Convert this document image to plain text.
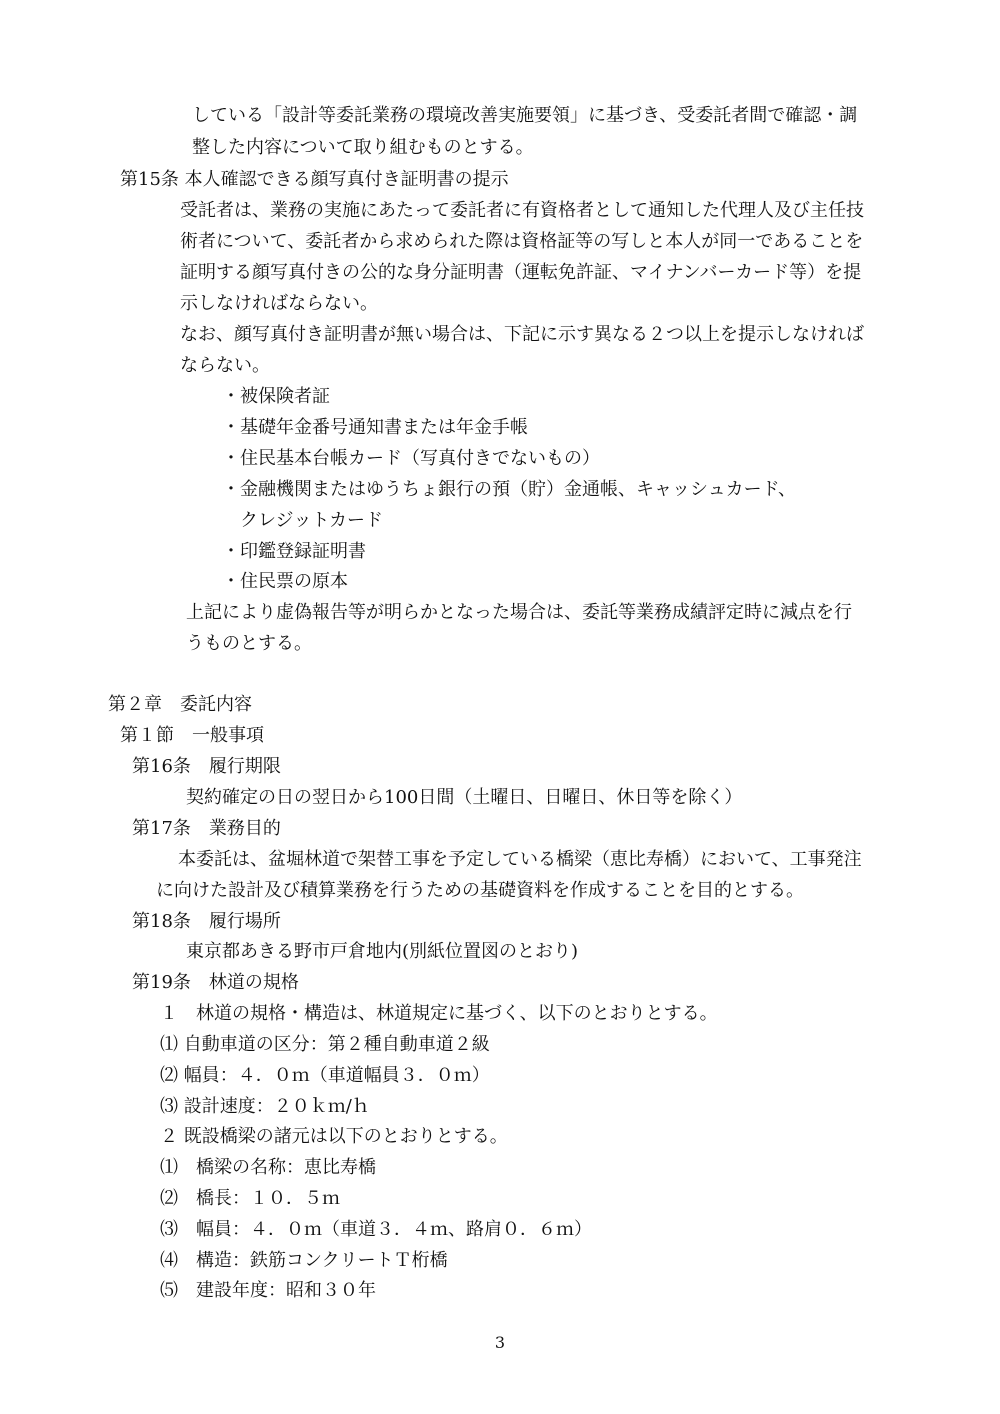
している「設計等委託業務の環境改善実施要領」に基づき、受委託者間で確認・調
整した内容について取り組むものとする。
第15条 本人確認できる顔写真付き証明書の提示
受託者は、業務の実施にあたって委託者に有資格者として通知した代理人及び主任技
術者について、委託者から求められた際は資格証等の写しと本人が同一であることを
証明する顔写真付きの公的な身分証明書（運転免許証、マイナンバーカード等）を提
示しなければならない。
なお、顔写真付き証明書が無い場合は、下記に示す異なる２つ以上を提示しなければ
ならない。
・被保険者証
・基礎年金番号通知書または年金手帳
・住民基本台帳カード（写真付きでないもの）
・金融機関またはゆうちょ銀行の預（貯）金通帳、キャッシュカード、
クレジットカード
・印鑑登録証明書
・住民票の原本
上記により虚偽報告等が明らかとなった場合は、委託等業務成績評定時に減点を行
うものとする。
第２章　委託内容
第１節　一般事項
第16条　履行期限
契約確定の日の翌日から100日間（土曜日、日曜日、休日等を除く）
第17条　業務目的
本委託は、盆堀林道で架替工事を予定している橋梁（恵比寿橋）において、工事発注
に向けた設計及び積算業務を行うための基礎資料を作成することを目的とする。
第18条　履行場所
東京都あきる野市戸倉地内(別紙位置図のとおり)
第19条　林道の規格
１　林道の規格・構造は、林道規定に基づく、以下のとおりとする。
⑴ 自動車道の区分：第２種自動車道２級
⑵ 幅員：４．０ｍ（車道幅員３．０ｍ）
⑶ 設計速度：２０ｋｍ/ｈ
２ 既設橋梁の諸元は以下のとおりとする。
⑴　橋梁の名称：恵比寿橋
⑵　橋長：１０．５ｍ
⑶　幅員：４．０ｍ（車道３．４ｍ、路肩０．６ｍ）
⑷　構造：鉄筋コンクリートＴ桁橋
⑸　建設年度：昭和３０年
3
